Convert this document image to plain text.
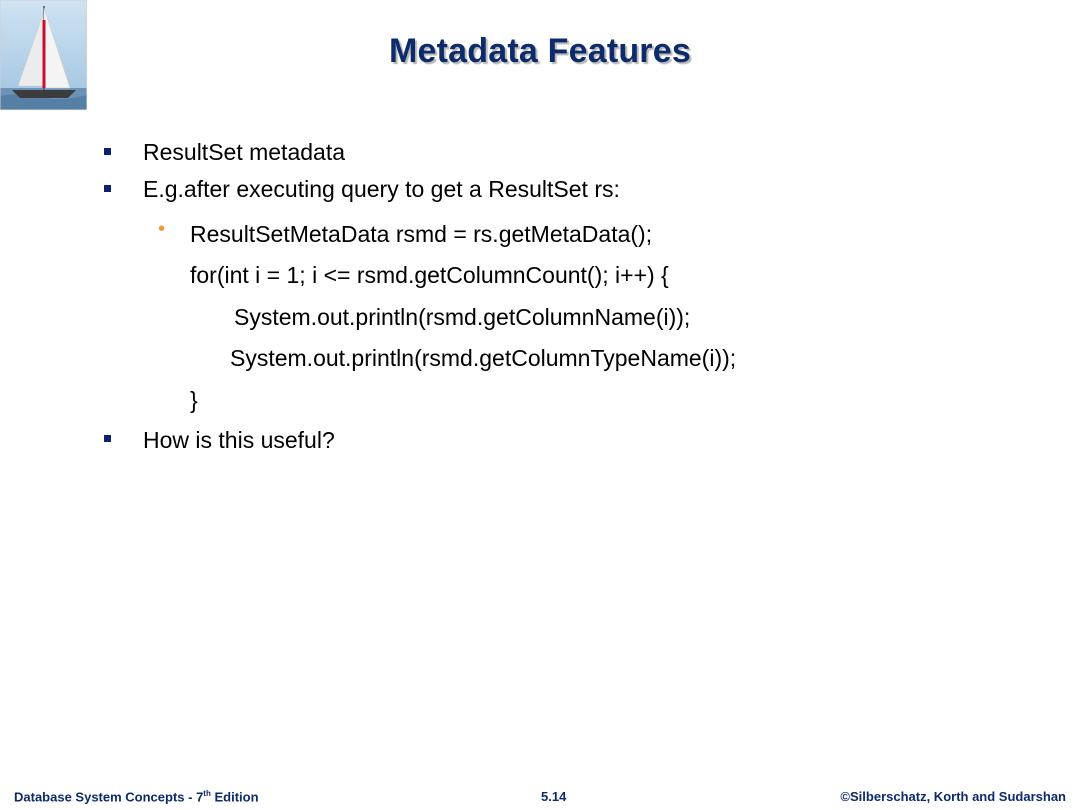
Metadata Features
ResultSet metadata
E.g.after executing query to get a ResultSet rs:
• ResultSetMetaData rsmd = rs.getMetaData();
for(int i = 1; i <= rsmd.getColumnCount(); i++) {
System.out.println(rsmd.getColumnName(i));
System.out.println(rsmd.getColumnTypeName(i));
}
How is this useful?
Database System Concepts - 7th Edition	5.14	©Silberschatz, Korth and Sudarshan
